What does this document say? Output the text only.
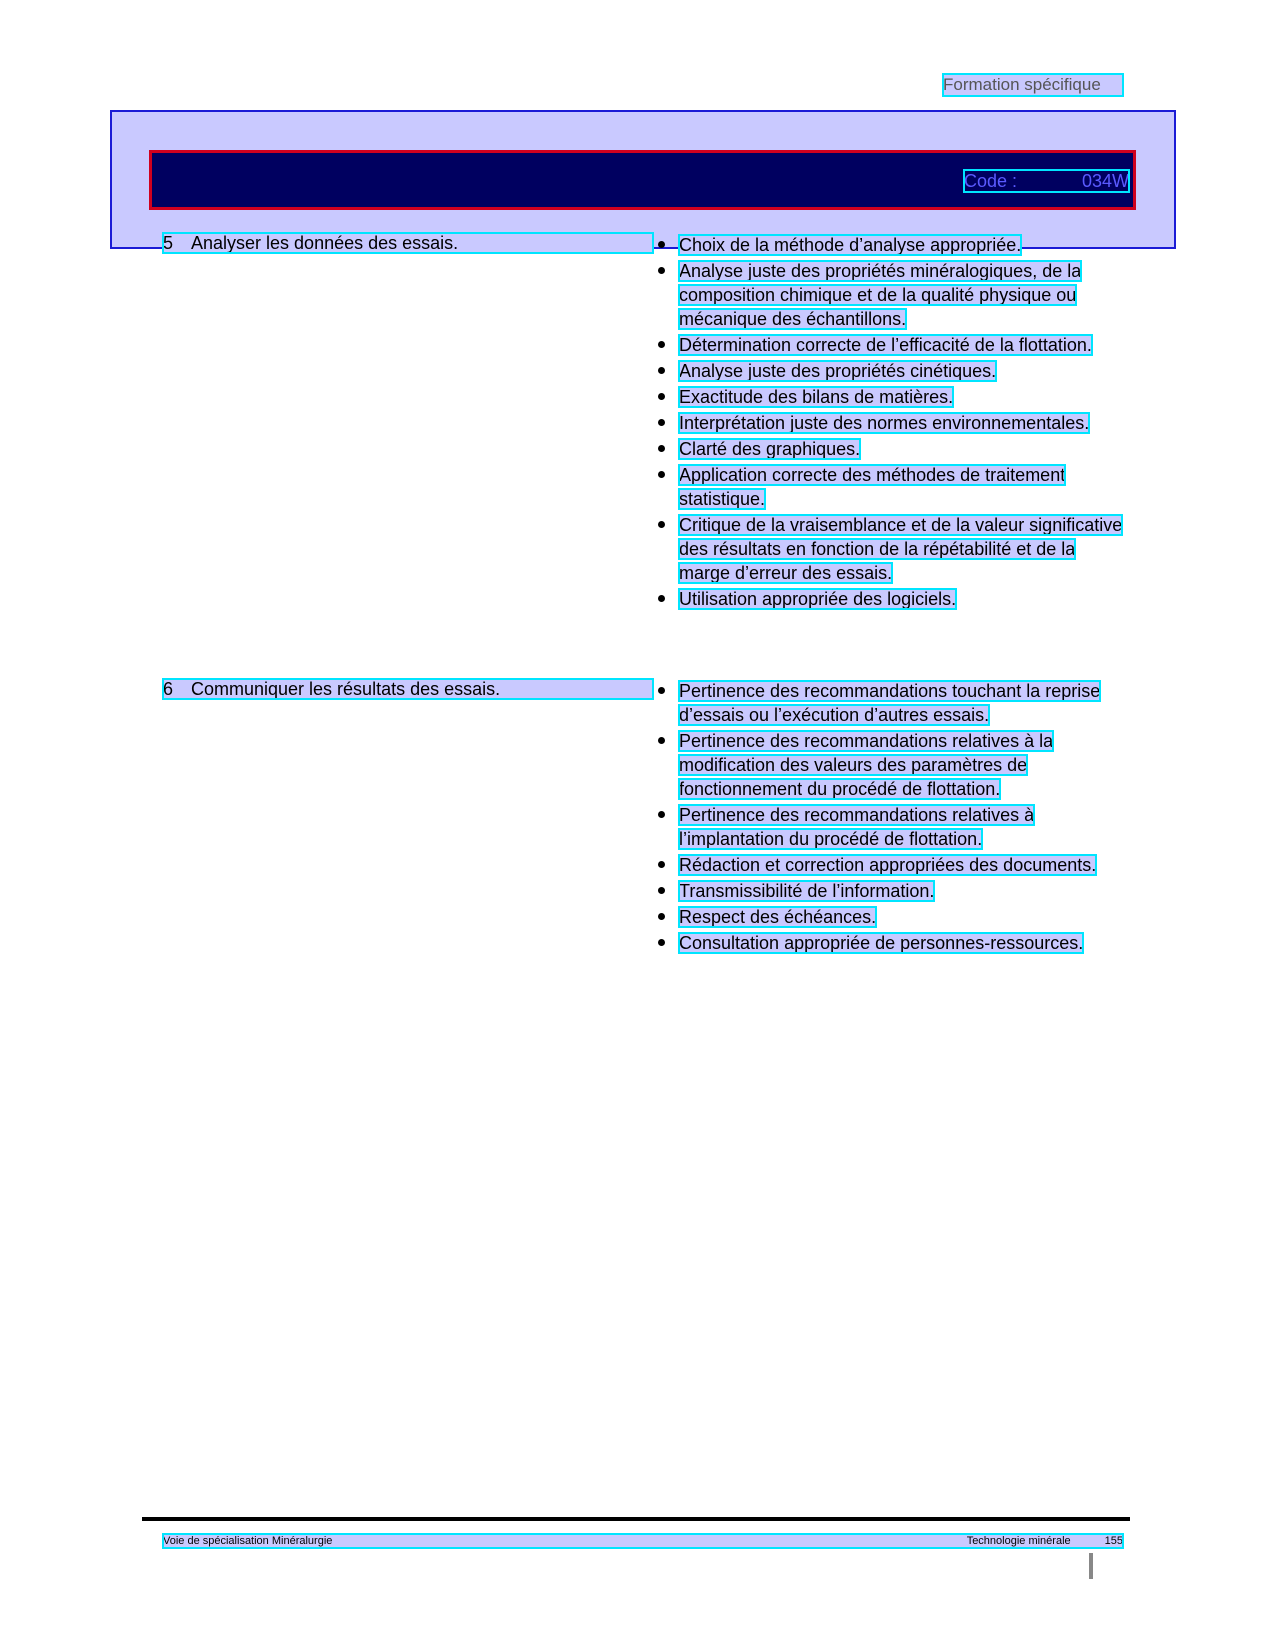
Formation spécifique
Code :	034W
5 Analyser les données des essais.	Choix de la méthode d’analyse appropriée.
Analyse juste des propriétés minéralogiques, de la composition chimique et de la qualité physique ou mécanique des échantillons.
Détermination correcte de l’efficacité de la flottation.
Analyse juste des propriétés cinétiques.
Exactitude des bilans de matières.
Interprétation juste des normes environnementales.
Clarté des graphiques.
Application correcte des méthodes de traitement statistique.
Critique de la vraisemblance et de la valeur significative des résultats en fonction de la répétabilité et de la marge d’erreur des essais.
Utilisation appropriée des logiciels.
6 Communiquer les résultats des essais.	Pertinence des recommandations touchant la reprise d’essais ou l’exécution d’autres essais.
Pertinence des recommandations relatives à la modification des valeurs des paramètres de fonctionnement du procédé de flottation.
Pertinence des recommandations relatives à l’implantation du procédé de flottation.
Rédaction et correction appropriées des documents.
Transmissibilité de l’information.
Respect des échéances.
Consultation appropriée de personnes-ressources.
Voie de spécialisation Minéralurgie	Technologie minérale	155
